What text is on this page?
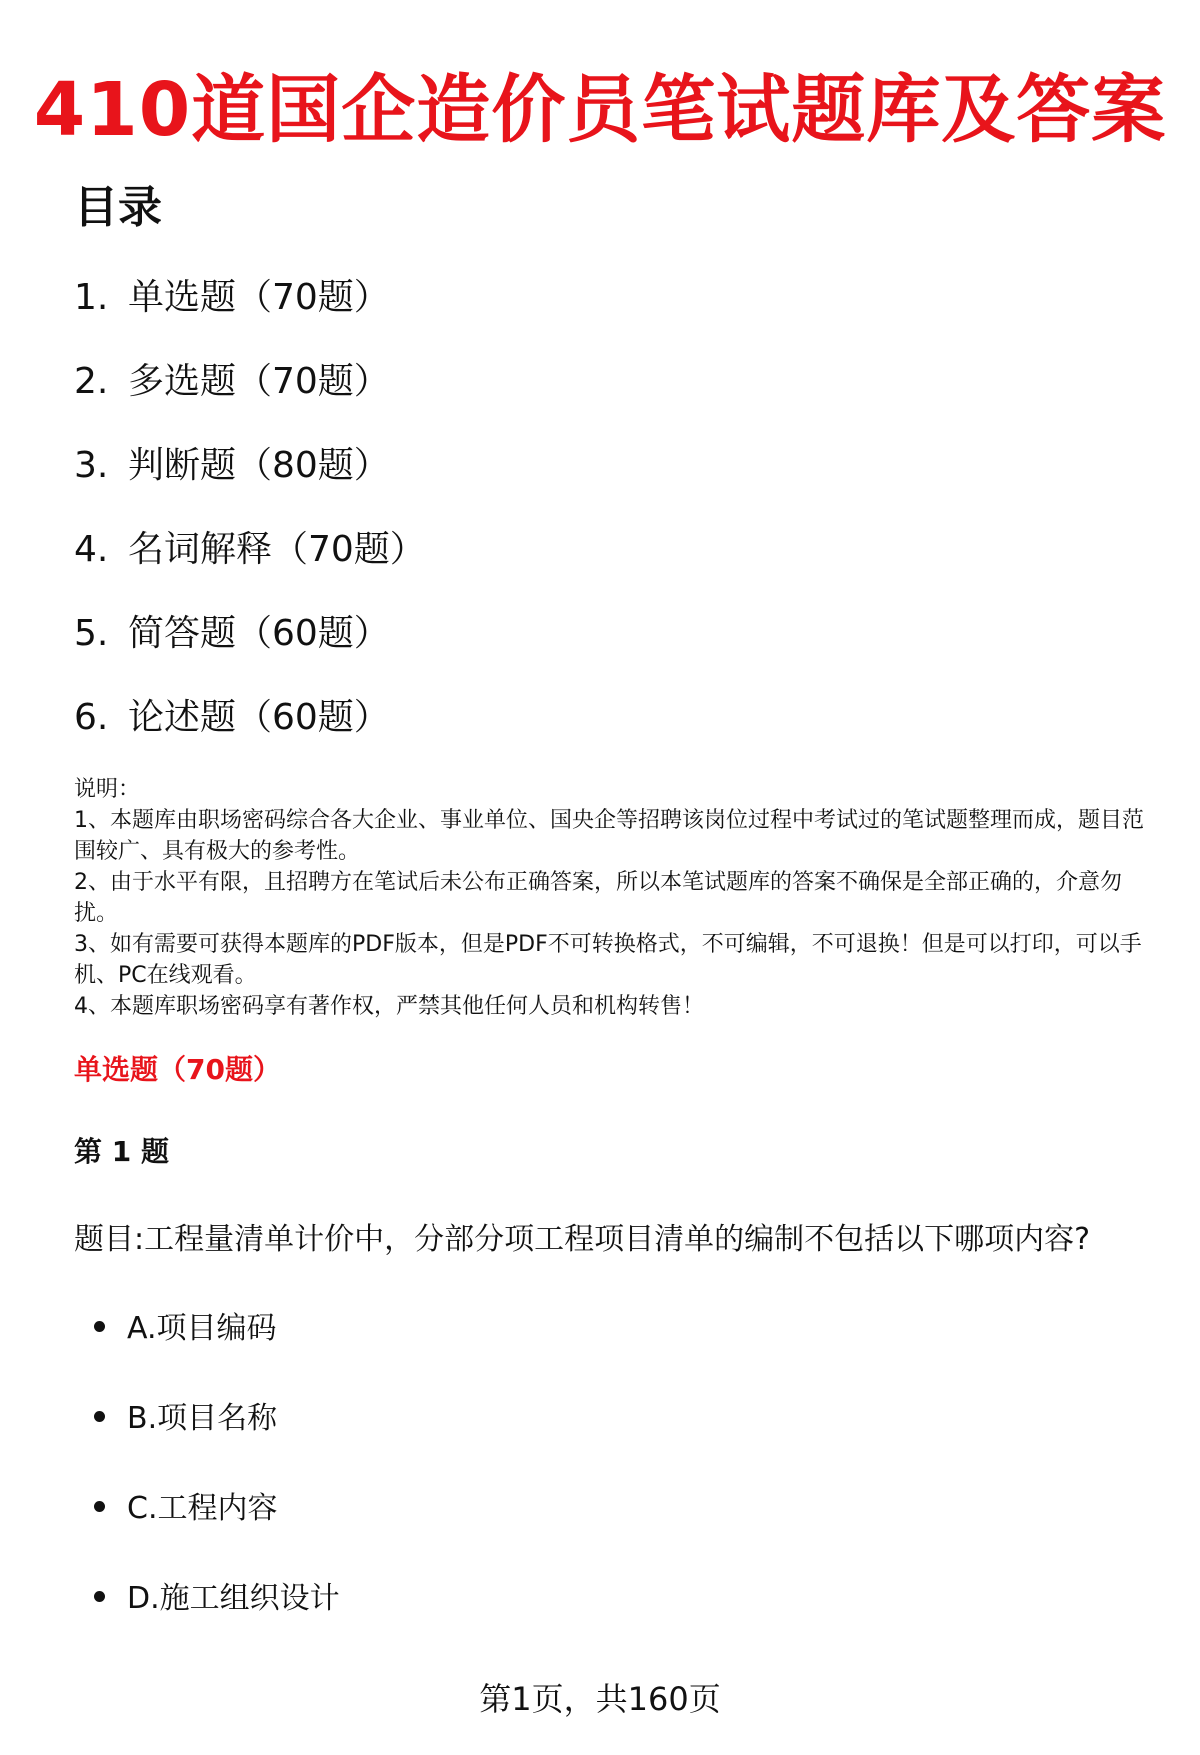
410道国企造价员笔试题库及答案
目录
1. 单选题（70题）
2. 多选题（70题）
3. 判断题（80题）
4. 名词解释（70题）
5. 简答题（60题）
6. 论述题（60题）

说明：

1、本题库由职场密码综合各大企业、事业单位、国央企等招聘该岗位过程中考试过的笔试题整理而成，题目范围较广、具有极大的参考性。

2、由于水平有限，且招聘方在笔试后未公布正确答案，所以本笔试题库的答案不确保是全部正确的，介意勿扰。

3、如有需要可获得本题库的PDF版本，但是PDF不可转换格式，不可编辑，不可退换！但是可以打印，可以手机、PC在线观看。

4、本题库职场密码享有著作权，严禁其他任何人员和机构转售！

单选题（70题）
第 1 题
题目:工程量清单计价中，分部分项工程项目清单的编制不包括以下哪项内容?
A.项目编码
B.项目名称
C.工程内容
D.施工组织设计
第1页，共160页
